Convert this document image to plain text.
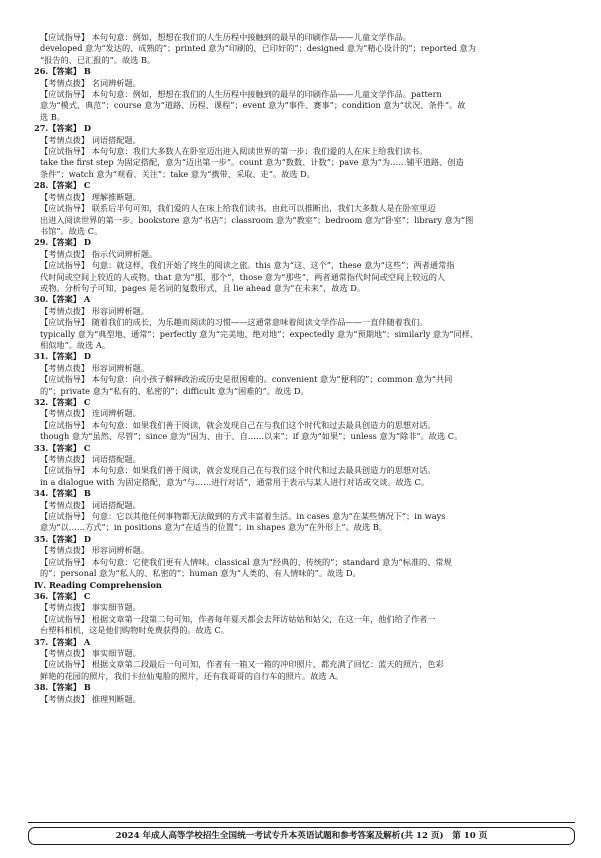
【应试指导】 本句句意：例如，想想在我们的人生历程中接触到的最早的印刷作品——儿童文学作品。
developed 意为“发达的、成熟的”；printed 意为“印刷的、已印好的”；designed 意为“精心设计的”；reported 意为
“报告的、已汇报的”。故选 B。
26.【答案】 B
【考情点拨】 名词辨析题。
【应试指导】 本句句意：例如，想想在我们的人生历程中接触到的最早的印刷作品——儿童文学作品。pattern
意为“模式、典范”；course 意为“道路、历程、课程”；event 意为“事件、赛事”；condition 意为“状况、条件”。故
选 B。
27.【答案】 D
【考情点拨】 词语搭配题。
【应试指导】 本句句意：我们大多数人在卧室迈出进入阅读世界的第一步：我们爱的人在床上给我们读书。
take the first step 为固定搭配，意为“迈出第一步”。count 意为“数数、计数”；pave 意为“为……铺平道路、创造
条件”；watch 意为“观看、关注”；take 意为“携带、采取、走”。故选 D。
28.【答案】 C
【考情点拨】 理解推断题。
【应试指导】 联系后半句可知，我们爱的人在床上给我们读书。由此可以推断出，我们大多数人是在卧室里迈
出进入阅读世界的第一步。bookstore 意为“书店”；classroom 意为“教室”；bedroom 意为“卧室”；library 意为“图
书馆”。故选 C。
29.【答案】 D
【考情点拨】 指示代词辨析题。
【应试指导】 句意：就这样，我们开始了终生的阅读之旅。this 意为“这、这个”，these 意为“这些”；两者通常指
代时间或空间上较近的人或物。that 意为“那、那个”，those 意为“那些”，两者通常指代时间或空间上较远的人
或物。分析句子可知，pages 是名词的复数形式，且 lie ahead 意为“在未来”，故选 D。
30.【答案】 A
【考情点拨】 形容词辨析题。
【应试指导】 随着我们的成长，为乐趣而阅读的习惯——这通常意味着阅读文学作品——一直伴随着我们。
typically 意为“典型地、通常”；perfectly 意为“完美地、绝对地”；expectedly 意为“预期地”；similarly 意为“同样、
相似地”。故选 A。
31.【答案】 D
【考情点拨】 形容词辨析题。
【应试指导】 本句句意：向小孩子解释政治或历史是很困难的。convenient 意为“便利的”；common 意为“共同
的”；private 意为“私有的、私密的”；difficult 意为“困难的”。故选 D。
32.【答案】 C
【考情点拨】 连词辨析题。
【应试指导】 本句句意：如果我们善于阅读，就会发现自己在与我们这个时代和过去最具创造力的思想对话。
though 意为“虽然、尽管”；since 意为“因为、由于、自……以来”；if 意为“如果”；unless 意为“除非”。故选 C。
33.【答案】 C
【考情点拨】 词语搭配题。
【应试指导】 本句句意：如果我们善于阅读，就会发现自己在与我们这个时代和过去最具创造力的思想对话。
in a dialogue with 为固定搭配，意为“与……进行对话”，通常用于表示与某人进行对话或交谈。故选 C。
34.【答案】 B
【考情点拨】 词语搭配题。
【应试指导】 句意：它以其他任何事物都无法做到的方式丰富着生活。in cases 意为“在某些情况下”；in ways
意为“以……方式”；in positions 意为“在适当的位置”；in shapes 意为“在外形上”。故选 B。
35.【答案】 D
【考情点拨】 形容词辨析题。
【应试指导】 本句句意：它使我们更有人情味。classical 意为“经典的、传统的”；standard 意为“标准的、常规
的”；personal 意为“私人的、私密的”；human 意为“人类的、有人情味的”。故选 D。
Ⅳ. Reading Comprehension
36.【答案】 C
【考情点拨】 事实细节题。
【应试指导】 根据文章第一段第二句可知，作者每年夏天都会去拜访姑姑和姑父，在这一年，他们给了作者一
台塑料相机，这是他们购物时免费获得的。故选 C。
37.【答案】 A
【考情点拨】 事实细节题。
【应试指导】 根据文章第二段最后一句可知，作者有一箱又一箱的冲印照片，都充满了回忆：蓝天的照片，色彩
鲜艳的花园的照片，我们卡拉仙鬼脸的照片，还有我哥哥的自行车的照片。故选 A。
38.【答案】 B
【考情点拨】 推理判断题。
2024 年成人高等学校招生全国统一考试专升本英语试题和参考答案及解析(共 12 页)　第 10 页
